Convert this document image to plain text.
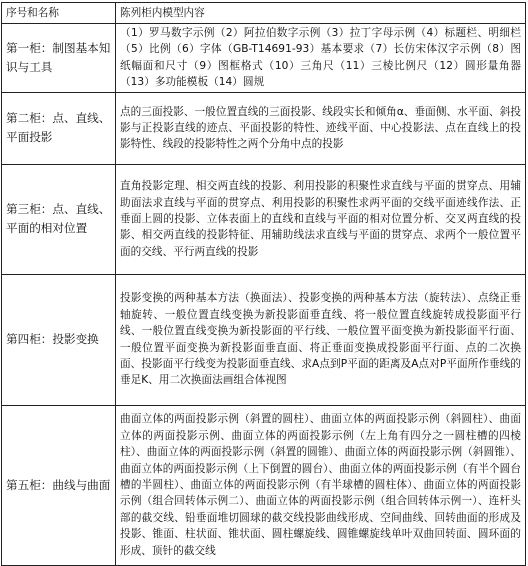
序号和名称	陈列柜内模型内容
第一柜：制图基本知识与工具	（1）罗马数字示例（2）阿拉伯数字示例（3）拉丁字母示例（4）标题栏、明细栏（5）比例（6）字体（GB-T14691-93）基本要求（7）长仿宋体汉字示例（8）图纸幅面和尺寸（9）图框格式（10）三角尺（11）三棱比例尺（12）圆形量角器（13）多功能模板（14）圆规
第二柜：点、直线、平面投影	点的三面投影、一般位置直线的三面投影、线段实长和倾角α、垂面侧、水平面、斜投影与正投影直线的迹点、平面投影的特性、迹线平面、中心投影法、点在直线上的投影特性、线段的投影特性之两个分角中点的投影
第三柜：点、直线、平面的相对位置	直角投影定理、相交两直线的投影、利用投影的积聚性求直线与平面的贯穿点、用辅助面法求直线与平面的贯穿点、利用投影的积聚性求两平面的交线平面迹线作法、正垂面上圆的投影、立体表面上的直线和直线与平面的相对位置分析、交叉两直线的投影、相交两直线的投影特征、用辅助线法求直线与平面的贯穿点、求两个一般位置平面的交线、平行两直线的投影
第四柜：投影变换	投影变换的两种基本方法（换面法）、投影变换的两种基本方法（旋转法）、点绕正垂轴旋转、一般位置直线变换为新投影面垂直线、将一般位置直线旋转成投影面平行线、一般位置直线变换为新投影面的平行线、一般位置平面变换为新投影面平行面、一般位置平面变换为新投影面垂直面、将正垂面变换成投影面平行面、点的二次换面、投影面平行线变为投影面垂直线、求A点到P平面的距离及A点对P平面所作垂线的垂足K、用二次换面法画组合体视图
第五柜：曲线与曲面	曲面立体的两面投影示例（斜置的圆柱）、曲面立体的两面投影示例（斜圆柱）、曲面立体的两面投影示例、曲面立体的两面投影示例（左上角有四分之一圆柱槽的四棱柱）、曲面立体的两面投影示例（斜置的圆锥）、曲面立体的两面投影示例（斜圆锥）、曲面立体的两面投影示例（上下倒置的圆台）、曲面立体的两面投影示例（有半个圆台槽的半圆柱）、曲面立体的两面投影示例（有半球槽的圆柱体）、曲面立体的两面投影示例（组合回转体示例二）、曲面立体的两面投影示例（组合回转体示例一）、连杆头部的截交线、铅垂面堆切圆球的截交线投影曲线形成、空间曲线、回转曲面的形成及投影、锥面、柱状面、锥状面、圆柱螺旋线、圆锥螺旋线单叶双曲回转面、圆环面的形成、顶针的截交线
